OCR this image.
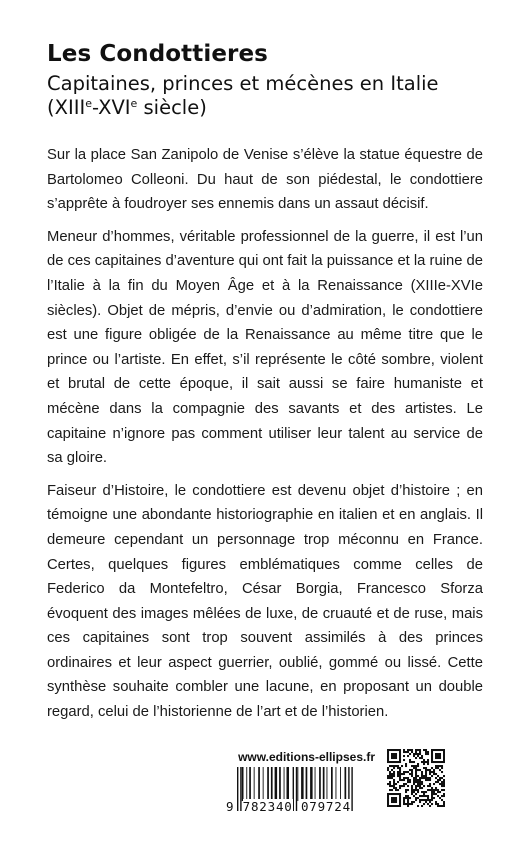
Les Condottieres
Capitaines, princes et mécènes en Italie
(XIIIe-XVIe siècle)

Sur la place San Zanipolo de Venise s’élève la statue équestre de Bartolomeo Colleoni. Du haut de son piédestal, le condottiere s’apprête à foudroyer ses ennemis dans un assaut décisif.

Meneur d’hommes, véritable professionnel de la guerre, il est l’un de ces capitaines d’aventure qui ont fait la puissance et la ruine de l’Italie à la fin du Moyen Âge et à la Renaissance (XIIIe-XVIe siècles). Objet de mépris, d’envie ou d’admiration, le condottiere est une figure obligée de la Renaissance au même titre que le prince ou l’artiste. En effet, s’il représente le côté sombre, violent et brutal de cette époque, il sait aussi se faire humaniste et mécène dans la compagnie des savants et des artistes. Le capitaine n’ignore pas comment utiliser leur talent au service de sa gloire.

Faiseur d’Histoire, le condottiere est devenu objet d’histoire ; en témoigne une abondante historiographie en italien et en anglais. Il demeure cependant un personnage trop méconnu en France. Certes, quelques figures emblématiques comme celles de Federico da Montefeltro, César Borgia, Francesco Sforza évoquent des images mêlées de luxe, de cruauté et de ruse, mais ces capitaines sont trop souvent assimilés à des princes ordinaires et leur aspect guerrier, oublié, gommé ou lissé. Cette synthèse souhaite combler une lacune, en proposant un double regard, celui de l’historienne de l’art et de l’historien.

www.editions-ellipses.fr
9 782340 079724
